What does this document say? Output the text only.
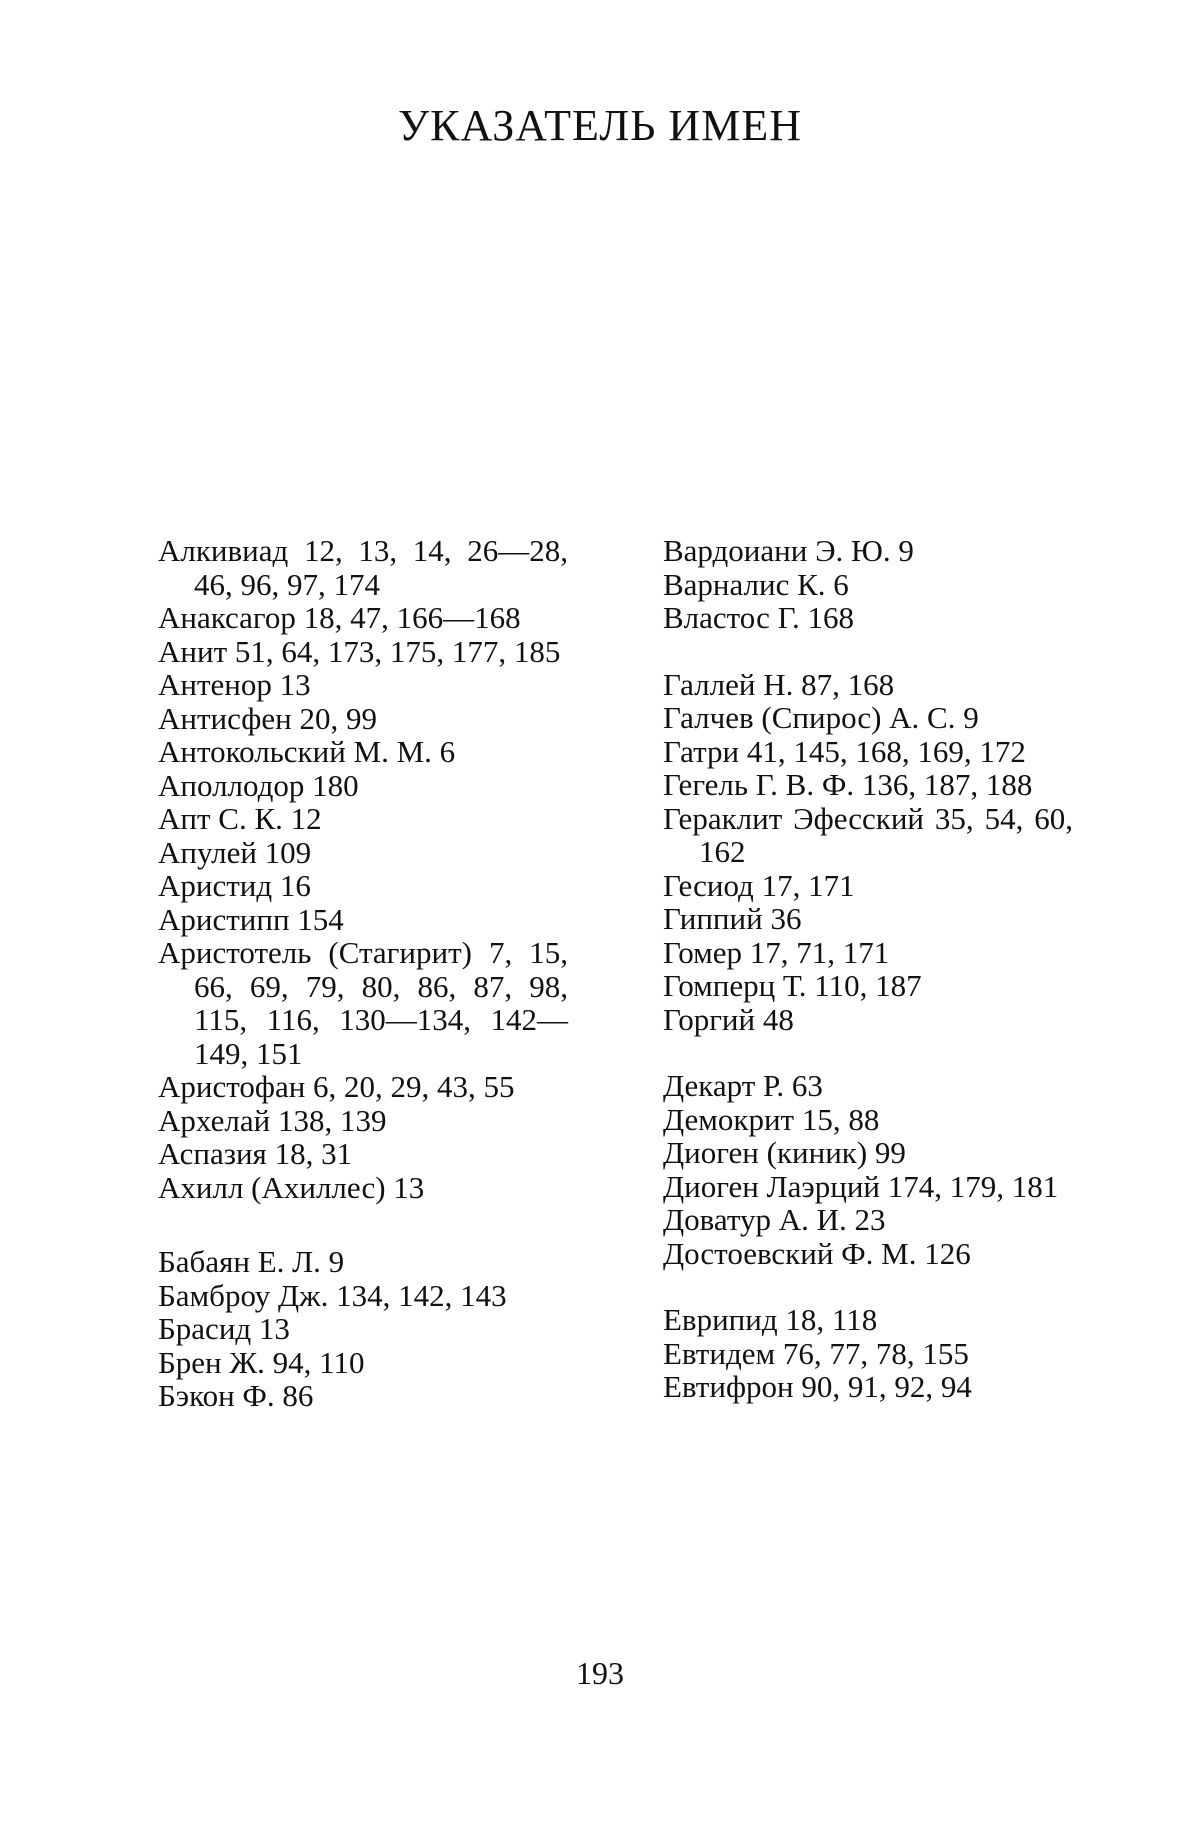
УКАЗАТЕЛЬ ИМЕН
Алкивиад 12, 13, 14, 26—28, 46, 96, 97, 174
Анаксагор 18, 47, 166—168
Анит 51, 64, 173, 175, 177, 185
Антенор 13
Антисфен 20, 99
Антокольский М. М. 6
Аполлодор 180
Апт С. К. 12
Апулей 109
Аристид 16
Аристипп 154
Аристотель (Стагирит) 7, 15, 66, 69, 79, 80, 86, 87, 98, 115, 116, 130—134, 142—149, 151
Аристофан 6, 20, 29, 43, 55
Архелай 138, 139
Аспазия 18, 31
Ахилл (Ахиллес) 13
Бабаян Е. Л. 9
Бамброу Дж. 134, 142, 143
Брасид 13
Брен Ж. 94, 110
Бэкон Ф. 86
Вардоиани Э. Ю. 9
Варналис К. 6
Властос Г. 168
Галлей Н. 87, 168
Галчев (Спирос) А. С. 9
Гатри 41, 145, 168, 169, 172
Гегель Г. В. Ф. 136, 187, 188
Гераклит Эфесский 35, 54, 60, 162
Гесиод 17, 171
Гиппий 36
Гомер 17, 71, 171
Гомперц Т. 110, 187
Горгий 48
Декарт Р. 63
Демокрит 15, 88
Диоген (киник) 99
Диоген Лаэрций 174, 179, 181
Доватур А. И. 23
Достоевский Ф. М. 126
Еврипид 18, 118
Евтидем 76, 77, 78, 155
Евтифрон 90, 91, 92, 94
193
